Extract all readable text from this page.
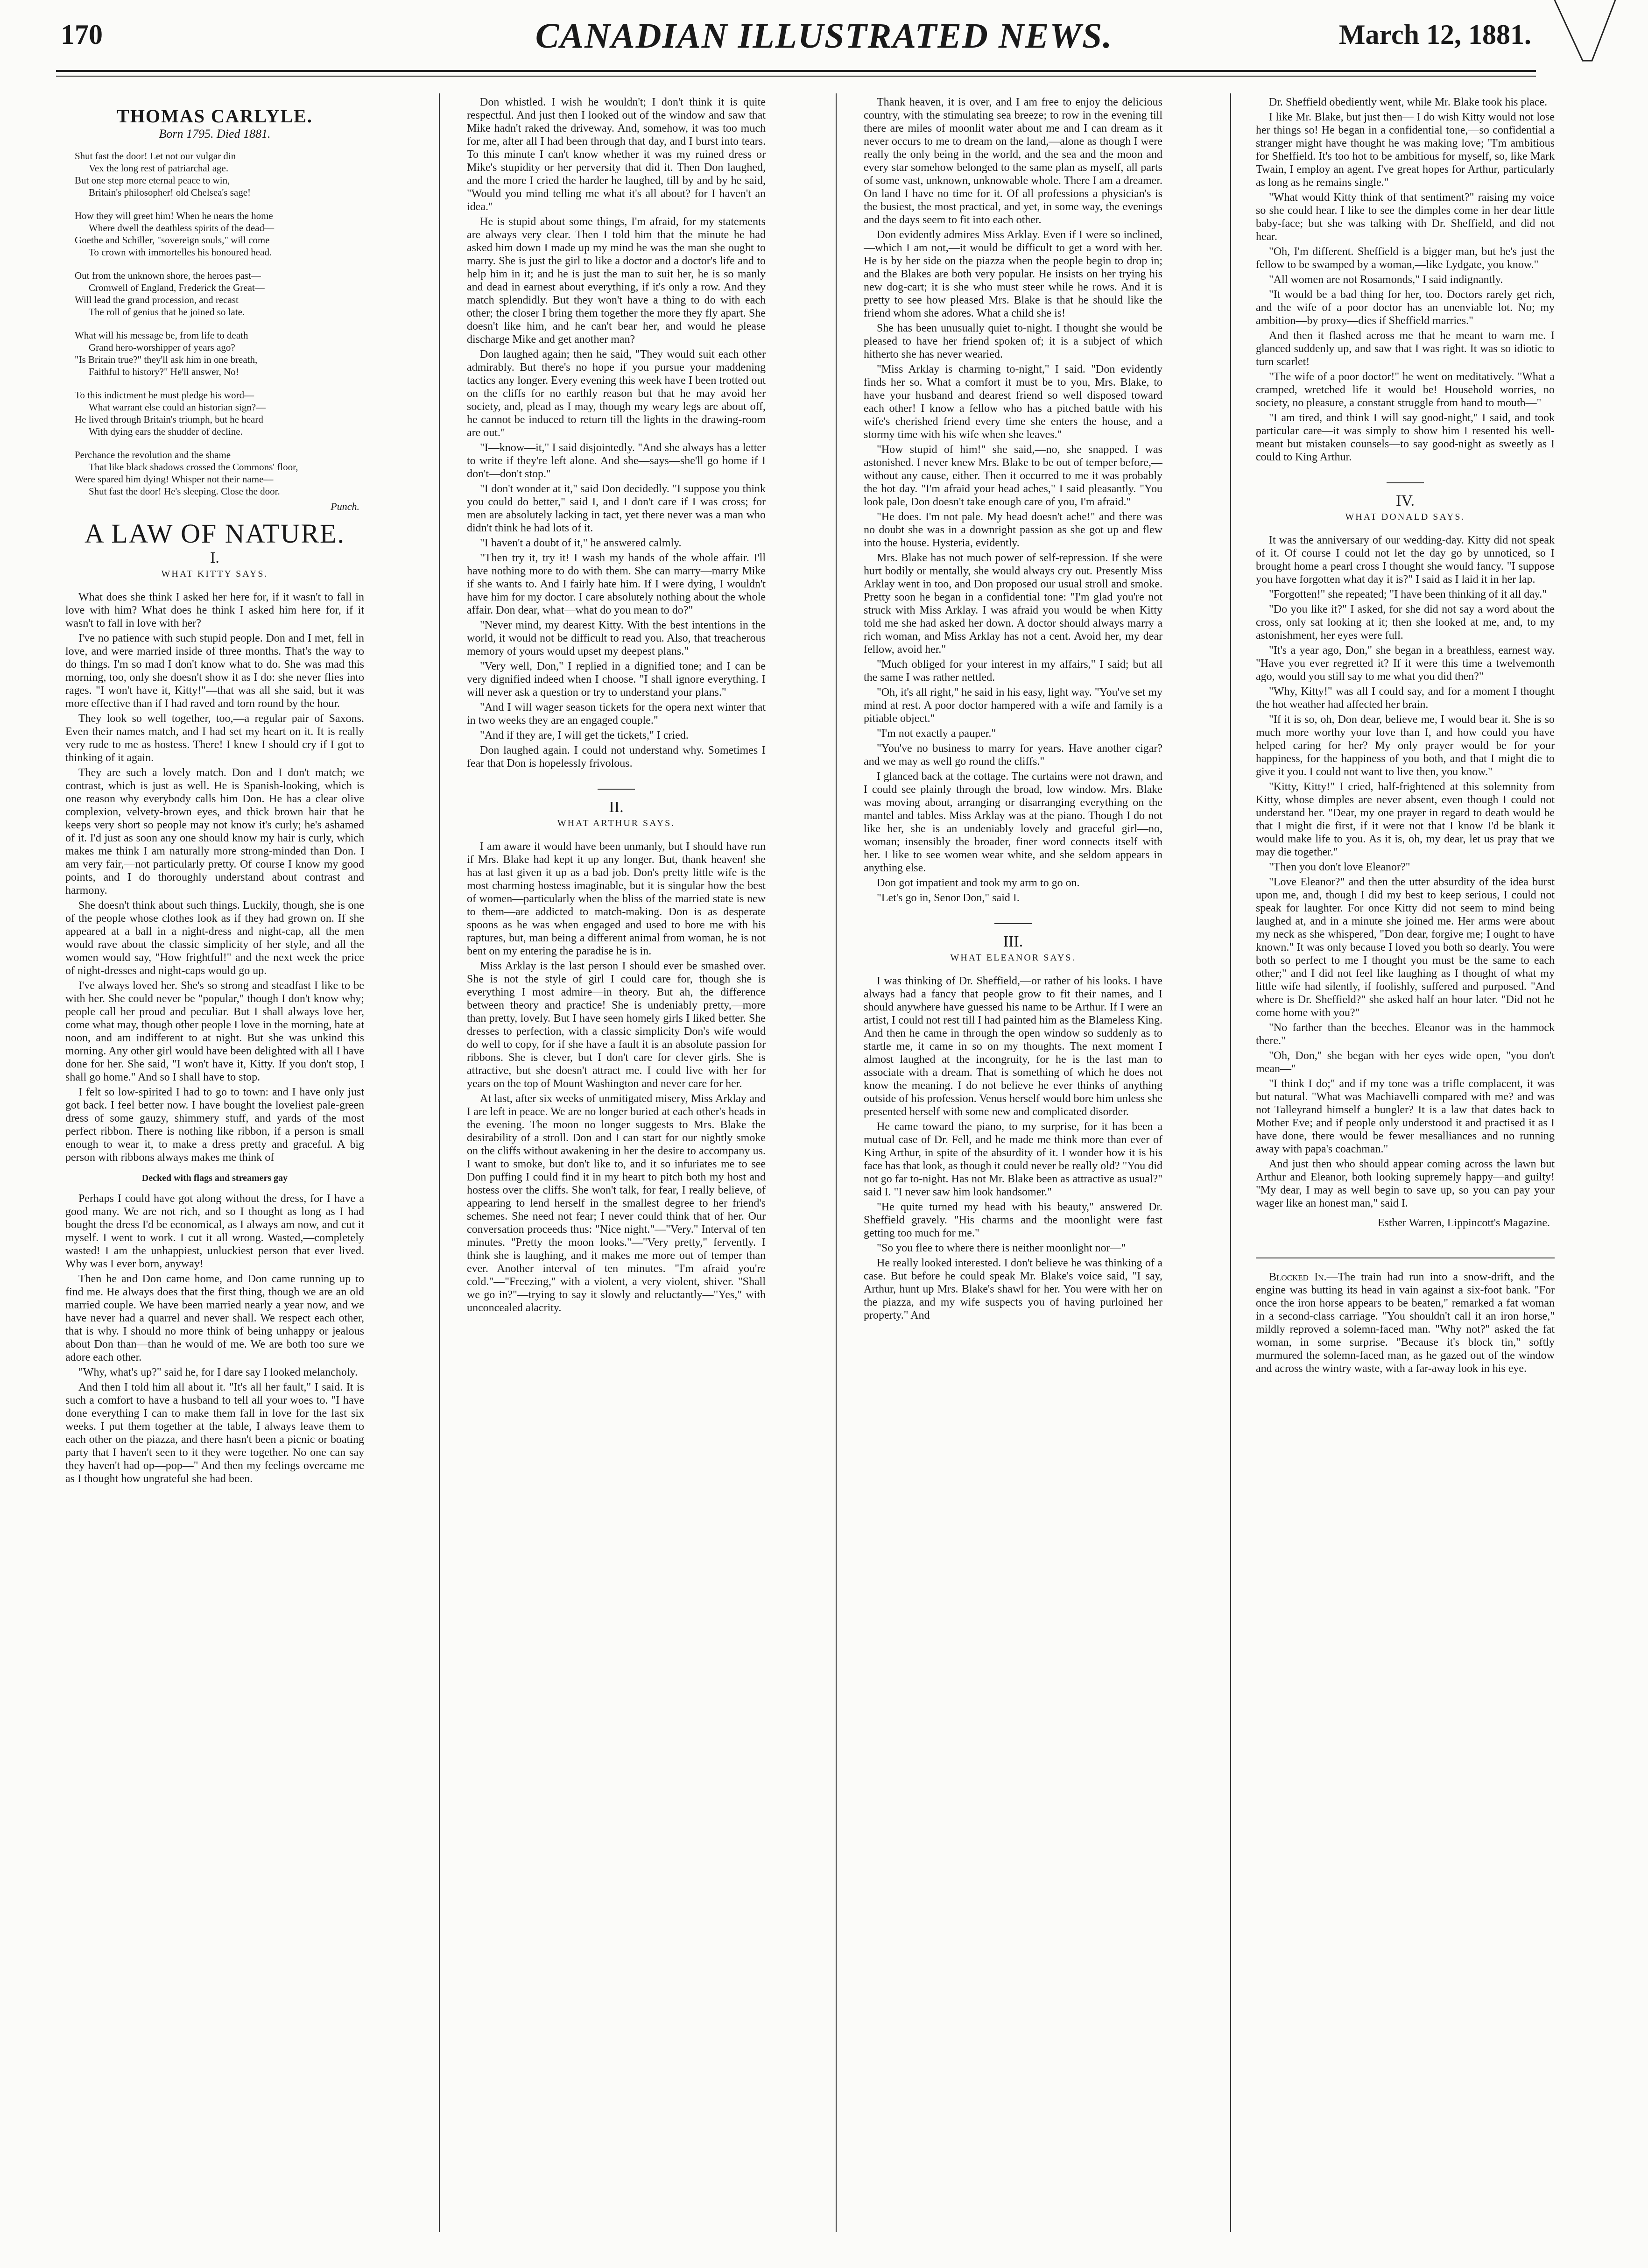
170	CANADIAN ILLUSTRATED NEWS.	March 12, 1881.
THOMAS CARLYLE.
Born 1795. Died 1881.
Shut fast the door! Let not our vulgar din
Vex the long rest of patriarchal age.
But one step more eternal peace to win,
Britain's philosopher! old Chelsea's sage!
How they will greet him! When he nears the home
Where dwell the deathless spirits of the dead—
Goethe and Schiller, "sovereign souls," will come
To crown with immortelles his honoured head.
Out from the unknown shore, the heroes past—
Cromwell of England, Frederick the Great—
Will lead the grand procession, and recast
The roll of genius that he joined so late.
What will his message be, from life to death
Grand hero-worshipper of years ago?
"Is Britain true?" they'll ask him in one breath,
Faithful to history?" He'll answer, No!
To this indictment he must pledge his word—
What warrant else could an historian sign?—
He lived through Britain's triumph, but he heard
With dying ears the shudder of decline.
Perchance the revolution and the shame
That like black shadows crossed the Commons' floor,
Were spared him dying! Whisper not their name—
Shut fast the door! He's sleeping. Close the door.
Punch.
A LAW OF NATURE.
I.
WHAT KITTY SAYS.

What does she think I asked her here for, if it wasn't to fall in love with him? What does he think I asked him here for, if it wasn't to fall in love with her?

I've no patience with such stupid people. Don and I met, fell in love, and were married inside of three months. That's the way to do things. I'm so mad I don't know what to do. She was mad this morning, too, only she doesn't show it as I do: she never flies into rages. "I won't have it, Kitty!"—that was all she said, but it was more effective than if I had raved and torn round by the hour.

They look so well together, too,—a regular pair of Saxons. Even their names match, and I had set my heart on it. It is really very rude to me as hostess. There! I knew I should cry if I got to thinking of it again.

They are such a lovely match. Don and I don't match; we contrast, which is just as well. He is Spanish-looking, which is one reason why everybody calls him Don. He has a clear olive complexion, velvety-brown eyes, and thick brown hair that he keeps very short so people may not know it's curly; he's ashamed of it. I'd just as soon any one should know my hair is curly, which makes me think I am naturally more strong-minded than Don. I am very fair,—not particularly pretty. Of course I know my good points, and I do thoroughly understand about contrast and harmony.

She doesn't think about such things. Luckily, though, she is one of the people whose clothes look as if they had grown on. If she appeared at a ball in a night-dress and night-cap, all the men would rave about the classic simplicity of her style, and all the women would say, "How frightful!" and the next week the price of night-dresses and night-caps would go up.

I've always loved her. She's so strong and steadfast I like to be with her. She could never be "popular," though I don't know why; people call her proud and peculiar. But I shall always love her, come what may, though other people I love in the morning, hate at noon, and am indifferent to at night. But she was unkind this morning. Any other girl would have been delighted with all I have done for her. She said, "I won't have it, Kitty. If you don't stop, I shall go home." And so I shall have to stop.

I felt so low-spirited I had to go to town: and I have only just got back. I feel better now. I have bought the loveliest pale-green dress of some gauzy, shimmery stuff, and yards of the most perfect ribbon. There is nothing like ribbon, if a person is small enough to wear it, to make a dress pretty and graceful. A big person with ribbons always makes me think of

Decked with flags and streamers gay

Perhaps I could have got along without the dress, for I have a good many. We are not rich, and so I thought as long as I had bought the dress I'd be economical, as I always am now, and cut it myself. I went to work. I cut it all wrong. Wasted,—completely wasted! I am the unhappiest, unluckiest person that ever lived. Why was I ever born, anyway!

Then he and Don came home, and Don came running up to find me. He always does that the first thing, though we are an old married couple. We have been married nearly a year now, and we have never had a quarrel and never shall. We respect each other, that is why. I should no more think of being unhappy or jealous about Don than—than he would of me. We are both too sure we adore each other.

"Why, what's up?" said he, for I dare say I looked melancholy.

And then I told him all about it. "It's all her fault," I said. It is such a comfort to have a husband to tell all your woes to. "I have done everything I can to make them fall in love for the last six weeks. I put them together at the table, I always leave them to each other on the piazza, and there hasn't been a picnic or boating party that I haven't seen to it they were together. No one can say they haven't had op—pop—" And then my feelings overcame me as I thought how ungrateful she had been.

Don whistled. I wish he wouldn't; I don't think it is quite respectful. And just then I looked out of the window and saw that Mike hadn't raked the driveway. And, somehow, it was too much for me, after all I had been through that day, and I burst into tears. To this minute I can't know whether it was my ruined dress or Mike's stupidity or her perversity that did it. Then Don laughed, and the more I cried the harder he laughed, till by and by he said, "Would you mind telling me what it's all about? for I haven't an idea."

He is stupid about some things, I'm afraid, for my statements are always very clear. Then I told him that the minute he had asked him down I made up my mind he was the man she ought to marry. She is just the girl to like a doctor and a doctor's life and to help him in it; and he is just the man to suit her, he is so manly and dead in earnest about everything, if it's only a row. And they match splendidly. But they won't have a thing to do with each other; the closer I bring them together the more they fly apart. She doesn't like him, and he can't bear her, and would he please discharge Mike and get another man?

Don laughed again; then he said, "They would suit each other admirably. But there's no hope if you pursue your maddening tactics any longer. Every evening this week have I been trotted out on the cliffs for no earthly reason but that he may avoid her society, and, plead as I may, though my weary legs are about off, he cannot be induced to return till the lights in the drawing-room are out."

"I—know—it," I said disjointedly. "And she always has a letter to write if they're left alone. And she—says—she'll go home if I don't—don't stop."

"I don't wonder at it," said Don decidedly. "I suppose you think you could do better," said I, and I don't care if I was cross; for men are absolutely lacking in tact, yet there never was a man who didn't think he had lots of it.

"I haven't a doubt of it," he answered calmly.

"Then try it, try it! I wash my hands of the whole affair. I'll have nothing more to do with them. She can marry—marry Mike if she wants to. And I fairly hate him. If I were dying, I wouldn't have him for my doctor. I care absolutely nothing about the whole affair. Don dear, what—what do you mean to do?"

"Never mind, my dearest Kitty. With the best intentions in the world, it would not be difficult to read you. Also, that treacherous memory of yours would upset my deepest plans."

"Very well, Don," I replied in a dignified tone; and I can be very dignified indeed when I choose. "I shall ignore everything. I will never ask a question or try to understand your plans."

"And I will wager season tickets for the opera next winter that in two weeks they are an engaged couple."

"And if they are, I will get the tickets," I cried.

Don laughed again. I could not understand why. Sometimes I fear that Don is hopelessly frivolous.

II.
WHAT ARTHUR SAYS.

I am aware it would have been unmanly, but I should have run if Mrs. Blake had kept it up any longer. But, thank heaven! she has at last given it up as a bad job. Don's pretty little wife is the most charming hostess imaginable, but it is singular how the best of women—particularly when the bliss of the married state is new to them—are addicted to match-making. Don is as desperate spoons as he was when engaged and used to bore me with his raptures, but, man being a different animal from woman, he is not bent on my entering the paradise he is in.

Miss Arklay is the last person I should ever be smashed over. She is not the style of girl I could care for, though she is everything I most admire—in theory. But ah, the difference between theory and practice! She is undeniably pretty,—more than pretty, lovely. But I have seen homely girls I liked better. She dresses to perfection, with a classic simplicity Don's wife would do well to copy, for if she have a fault it is an absolute passion for ribbons. She is clever, but I don't care for clever girls. She is attractive, but she doesn't attract me. I could live with her for years on the top of Mount Washington and never care for her.

At last, after six weeks of unmitigated misery, Miss Arklay and I are left in peace. We are no longer buried at each other's heads in the evening. The moon no longer suggests to Mrs. Blake the desirability of a stroll. Don and I can start for our nightly smoke on the cliffs without awakening in her the desire to accompany us. I want to smoke, but don't like to, and it so infuriates me to see Don puffing I could find it in my heart to pitch both my host and hostess over the cliffs. She won't talk, for fear, I really believe, of appearing to lend herself in the smallest degree to her friend's schemes. She need not fear; I never could think that of her. Our conversation proceeds thus: "Nice night."—"Very." Interval of ten minutes. "Pretty the moon looks."—"Very pretty," fervently. I think she is laughing, and it makes me more out of temper than ever. Another interval of ten minutes. "I'm afraid you're cold."—"Freezing," with a violent, a very violent, shiver. "Shall we go in?"—trying to say it slowly and reluctantly—"Yes," with unconcealed alacrity.

Thank heaven, it is over, and I am free to enjoy the delicious country, with the stimulating sea breeze; to row in the evening till there are miles of moonlit water about me and I can dream as it never occurs to me to dream on the land,—alone as though I were really the only being in the world, and the sea and the moon and every star somehow belonged to the same plan as myself, all parts of some vast, unknown, unknowable whole. There I am a dreamer. On land I have no time for it. Of all professions a physician's is the busiest, the most practical, and yet, in some way, the evenings and the days seem to fit into each other.

Don evidently admires Miss Arklay. Even if I were so inclined,—which I am not,—it would be difficult to get a word with her. He is by her side on the piazza when the people begin to drop in; and the Blakes are both very popular. He insists on her trying his new dog-cart; it is she who must steer while he rows. And it is pretty to see how pleased Mrs. Blake is that he should like the friend whom she adores. What a child she is!

She has been unusually quiet to-night. I thought she would be pleased to have her friend spoken of; it is a subject of which hitherto she has never wearied.

"Miss Arklay is charming to-night," I said. "Don evidently finds her so. What a comfort it must be to you, Mrs. Blake, to have your husband and dearest friend so well disposed toward each other! I know a fellow who has a pitched battle with his wife's cherished friend every time she enters the house, and a stormy time with his wife when she leaves."

"How stupid of him!" she said,—no, she snapped. I was astonished. I never knew Mrs. Blake to be out of temper before,—without any cause, either. Then it occurred to me it was probably the hot day. "I'm afraid your head aches," I said pleasantly. "You look pale, Don doesn't take enough care of you, I'm afraid."

"He does. I'm not pale. My head doesn't ache!" and there was no doubt she was in a downright passion as she got up and flew into the house. Hysteria, evidently.

Mrs. Blake has not much power of self-repression. If she were hurt bodily or mentally, she would always cry out. Presently Miss Arklay went in too, and Don proposed our usual stroll and smoke. Pretty soon he began in a confidential tone: "I'm glad you're not struck with Miss Arklay. I was afraid you would be when Kitty told me she had asked her down. A doctor should always marry a rich woman, and Miss Arklay has not a cent. Avoid her, my dear fellow, avoid her."

"Much obliged for your interest in my affairs," I said; but all the same I was rather nettled.

"Oh, it's all right," he said in his easy, light way. "You've set my mind at rest. A poor doctor hampered with a wife and family is a pitiable object."

"I'm not exactly a pauper."

"You've no business to marry for years. Have another cigar? and we may as well go round the cliffs."

I glanced back at the cottage. The curtains were not drawn, and I could see plainly through the broad, low window. Mrs. Blake was moving about, arranging or disarranging everything on the mantel and tables. Miss Arklay was at the piano. Though I do not like her, she is an undeniably lovely and graceful girl—no, woman; insensibly the broader, finer word connects itself with her. I like to see women wear white, and she seldom appears in anything else.

Don got impatient and took my arm to go on.

"Let's go in, Senor Don," said I.

III.
WHAT ELEANOR SAYS.

I was thinking of Dr. Sheffield,—or rather of his looks. I have always had a fancy that people grow to fit their names, and I should anywhere have guessed his name to be Arthur. If I were an artist, I could not rest till I had painted him as the Blameless King. And then he came in through the open window so suddenly as to startle me, it came in so on my thoughts. The next moment I almost laughed at the incongruity, for he is the last man to associate with a dream. That is something of which he does not know the meaning. I do not believe he ever thinks of anything outside of his profession. Venus herself would bore him unless she presented herself with some new and complicated disorder.

He came toward the piano, to my surprise, for it has been a mutual case of Dr. Fell, and he made me think more than ever of King Arthur, in spite of the absurdity of it. I wonder how it is his face has that look, as though it could never be really old? "You did not go far to-night. Has not Mr. Blake been as attractive as usual?" said I. "I never saw him look handsomer."

"He quite turned my head with his beauty," answered Dr. Sheffield gravely. "His charms and the moonlight were fast getting too much for me."

"So you flee to where there is neither moonlight nor—"

He really looked interested. I don't believe he was thinking of a case. But before he could speak Mr. Blake's voice said, "I say, Arthur, hunt up Mrs. Blake's shawl for her. You were with her on the piazza, and my wife suspects you of having purloined her property." And

Dr. Sheffield obediently went, while Mr. Blake took his place.

I like Mr. Blake, but just then— I do wish Kitty would not lose her things so! He began in a confidential tone,—so confidential a stranger might have thought he was making love; "I'm ambitious for Sheffield. It's too hot to be ambitious for myself, so, like Mark Twain, I employ an agent. I've great hopes for Arthur, particularly as long as he remains single."

"What would Kitty think of that sentiment?" raising my voice so she could hear. I like to see the dimples come in her dear little baby-face; but she was talking with Dr. Sheffield, and did not hear.

"Oh, I'm different. Sheffield is a bigger man, but he's just the fellow to be swamped by a woman,—like Lydgate, you know."

"All women are not Rosamonds," I said indignantly.

"It would be a bad thing for her, too. Doctors rarely get rich, and the wife of a poor doctor has an unenviable lot. No; my ambition—by proxy—dies if Sheffield marries."

And then it flashed across me that he meant to warn me. I glanced suddenly up, and saw that I was right. It was so idiotic to turn scarlet!

"The wife of a poor doctor!" he went on meditatively. "What a cramped, wretched life it would be! Household worries, no society, no pleasure, a constant struggle from hand to mouth—"

"I am tired, and think I will say good-night," I said, and took particular care—it was simply to show him I resented his well-meant but mistaken counsels—to say good-night as sweetly as I could to King Arthur.

IV.
WHAT DONALD SAYS.

It was the anniversary of our wedding-day. Kitty did not speak of it. Of course I could not let the day go by unnoticed, so I brought home a pearl cross I thought she would fancy. "I suppose you have forgotten what day it is?" I said as I laid it in her lap.

"Forgotten!" she repeated; "I have been thinking of it all day."

"Do you like it?" I asked, for she did not say a word about the cross, only sat looking at it; then she looked at me, and, to my astonishment, her eyes were full.

"It's a year ago, Don," she began in a breathless, earnest way. "Have you ever regretted it? If it were this time a twelvemonth ago, would you still say to me what you did then?"

"Why, Kitty!" was all I could say, and for a moment I thought the hot weather had affected her brain.

"If it is so, oh, Don dear, believe me, I would bear it. She is so much more worthy your love than I, and how could you have helped caring for her? My only prayer would be for your happiness, for the happiness of you both, and that I might die to give it you. I could not want to live then, you know."

"Kitty, Kitty!" I cried, half-frightened at this solemnity from Kitty, whose dimples are never absent, even though I could not understand her. "Dear, my one prayer in regard to death would be that I might die first, if it were not that I know I'd be blank it would make life to you. As it is, oh, my dear, let us pray that we may die together."

"Then you don't love Eleanor?"

"Love Eleanor?" and then the utter absurdity of the idea burst upon me, and, though I did my best to keep serious, I could not speak for laughter. For once Kitty did not seem to mind being laughed at, and in a minute she joined me. Her arms were about my neck as she whispered, "Don dear, forgive me; I ought to have known." It was only because I loved you both so dearly. You were both so perfect to me I thought you must be the same to each other;" and I did not feel like laughing as I thought of what my little wife had silently, if foolishly, suffered and purposed. "And where is Dr. Sheffield?" she asked half an hour later. "Did not he come home with you?"

"No farther than the beeches. Eleanor was in the hammock there."

"Oh, Don," she began with her eyes wide open, "you don't mean—"

"I think I do;" and if my tone was a trifle complacent, it was but natural. "What was Machiavelli compared with me? and was not Talleyrand himself a bungler? It is a law that dates back to Mother Eve; and if people only understood it and practised it as I have done, there would be fewer mesalliances and no running away with papa's coachman."

And just then who should appear coming across the lawn but Arthur and Eleanor, both looking supremely happy—and guilty! "My dear, I may as well begin to save up, so you can pay your wager like an honest man," said I.

Esther Warren, Lippincott's Magazine.

Blocked In.—The train had run into a snow-drift, and the engine was butting its head in vain against a six-foot bank. "For once the iron horse appears to be beaten," remarked a fat woman in a second-class carriage. "You shouldn't call it an iron horse," mildly reproved a solemn-faced man. "Why not?" asked the fat woman, in some surprise. "Because it's block tin," softly murmured the solemn-faced man, as he gazed out of the window and across the wintry waste, with a far-away look in his eye.
